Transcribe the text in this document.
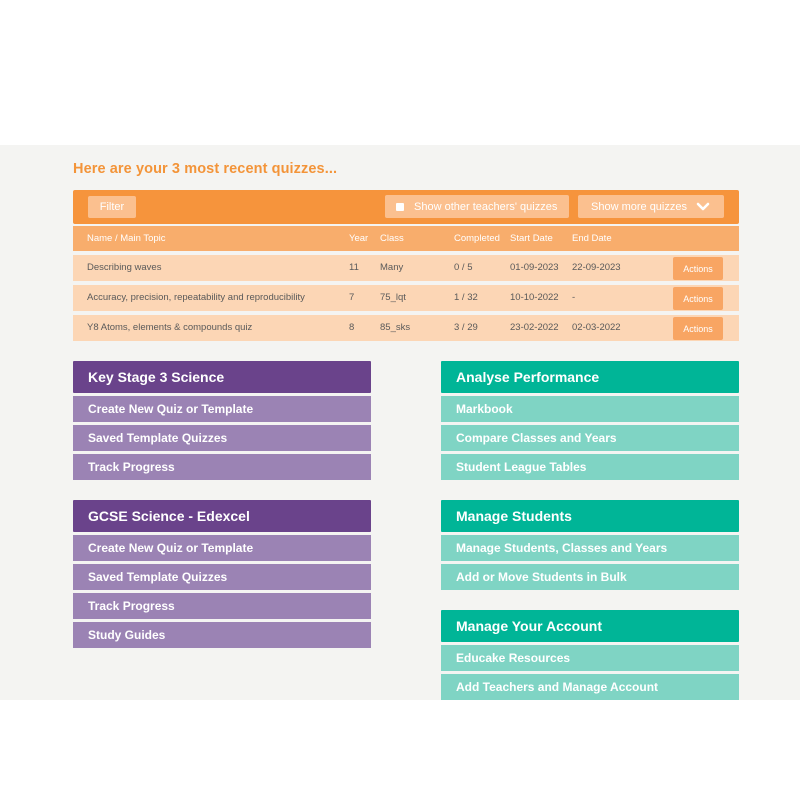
Here are your 3 most recent quizzes...
Filter	Show other teachers' quizzes	Show more quizzes
Name / Main Topic	Year Class	Completed Start Date End Date
Describing waves	11 Many	0 / 5	01-09-2023 22-09-2023	Actions
Accuracy, precision, repeatability and reproducibility	7	75_lqt	1 / 32	10-10-2022 -	Actions
Y8 Atoms, elements & compounds quiz	8	85_sks	3 / 29	23-02-2022 02-03-2022	Actions
Key Stage 3 Science
Create New Quiz or Template
Saved Template Quizzes
Track Progress
GCSE Science - Edexcel
Create New Quiz or Template
Saved Template Quizzes
Track Progress
Study Guides
Analyse Performance
Markbook
Compare Classes and Years
Student League Tables
Manage Students
Manage Students, Classes and Years
Add or Move Students in Bulk
Manage Your Account
Educake Resources
Add Teachers and Manage Account
